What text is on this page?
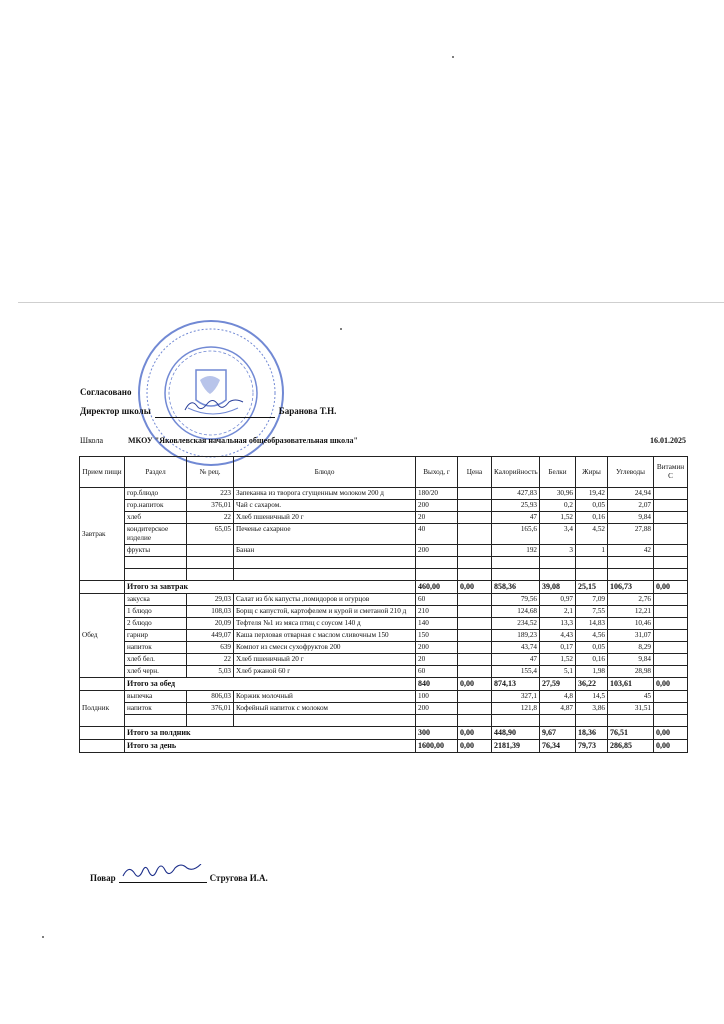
Согласовано
Директор школы	Баранова Т.Н.
Школа	МКОУ "Яковлевская начальная общеобразовательная школа"	16.01.2025
Прием пищи	Раздел	№ рец.	Блюдо	Выход, г	Цена	Калорийность	Белки	Жиры	Углеводы	Витамин С
Завтрак	гор.блюдо	223	Запеканка из творога сгущенным молоком 200 д	180/20		427,83	30,96	19,42	24,94	
	гор.напиток	376,01	Чай с сахаром.	200		25,93	0,2	0,05	2,07	
	хлеб	22	Хлеб пшеничный 20 г	20		47	1,52	0,16	9,84	
	кондитерское изделие	65,05	Печенье сахарное	40		165,6	3,4	4,52	27,88	
	фрукты		Банан	200		192	3	1	42	

	Итого за завтрак			460,00	0,00	858,36	39,08	25,15	106,73	0,00
Обед	закуска	29,03	Салат из б/к капусты ,помидоров и огурцов	60		79,56	0,97	7,09	2,76	
	1 блюдо	108,03	Борщ с капустой, картофелем и курой и сметаной 210 д	210		124,68	2,1	7,55	12,21	
	2 блюдо	20,09	Тефтеля №1 из мяса птиц с соусом 140 д	140		234,52	13,3	14,83	10,46	
	гарнир	449,07	Каша перловая отварная с маслом сливочным 150	150		189,23	4,43	4,56	31,07	
	напиток	639	Компот из смеси сухофруктов 200	200		43,74	0,17	0,05	8,29	
	хлеб бел.	22	Хлеб пшеничный 20 г	20		47	1,52	0,16	9,84	
	хлеб черн.	5,03	Хлеб ржаной 60 г	60		155,4	5,1	1,98	28,98	
	Итого за обед			840	0,00	874,13	27,59	36,22	103,61	0,00
Полдник	выпечка	806,03	Коржик молочный	100		327,1	4,8	14,5	45	
	напиток	376,01	Кофейный напиток с молоком	200		121,8	4,87	3,86	31,51	

	Итого за полдник			300	0,00	448,90	9,67	18,36	76,51	0,00
	Итого за день			1600,00	0,00	2181,39	76,34	79,73	286,85	0,00
Повар	Стругова И.А.
